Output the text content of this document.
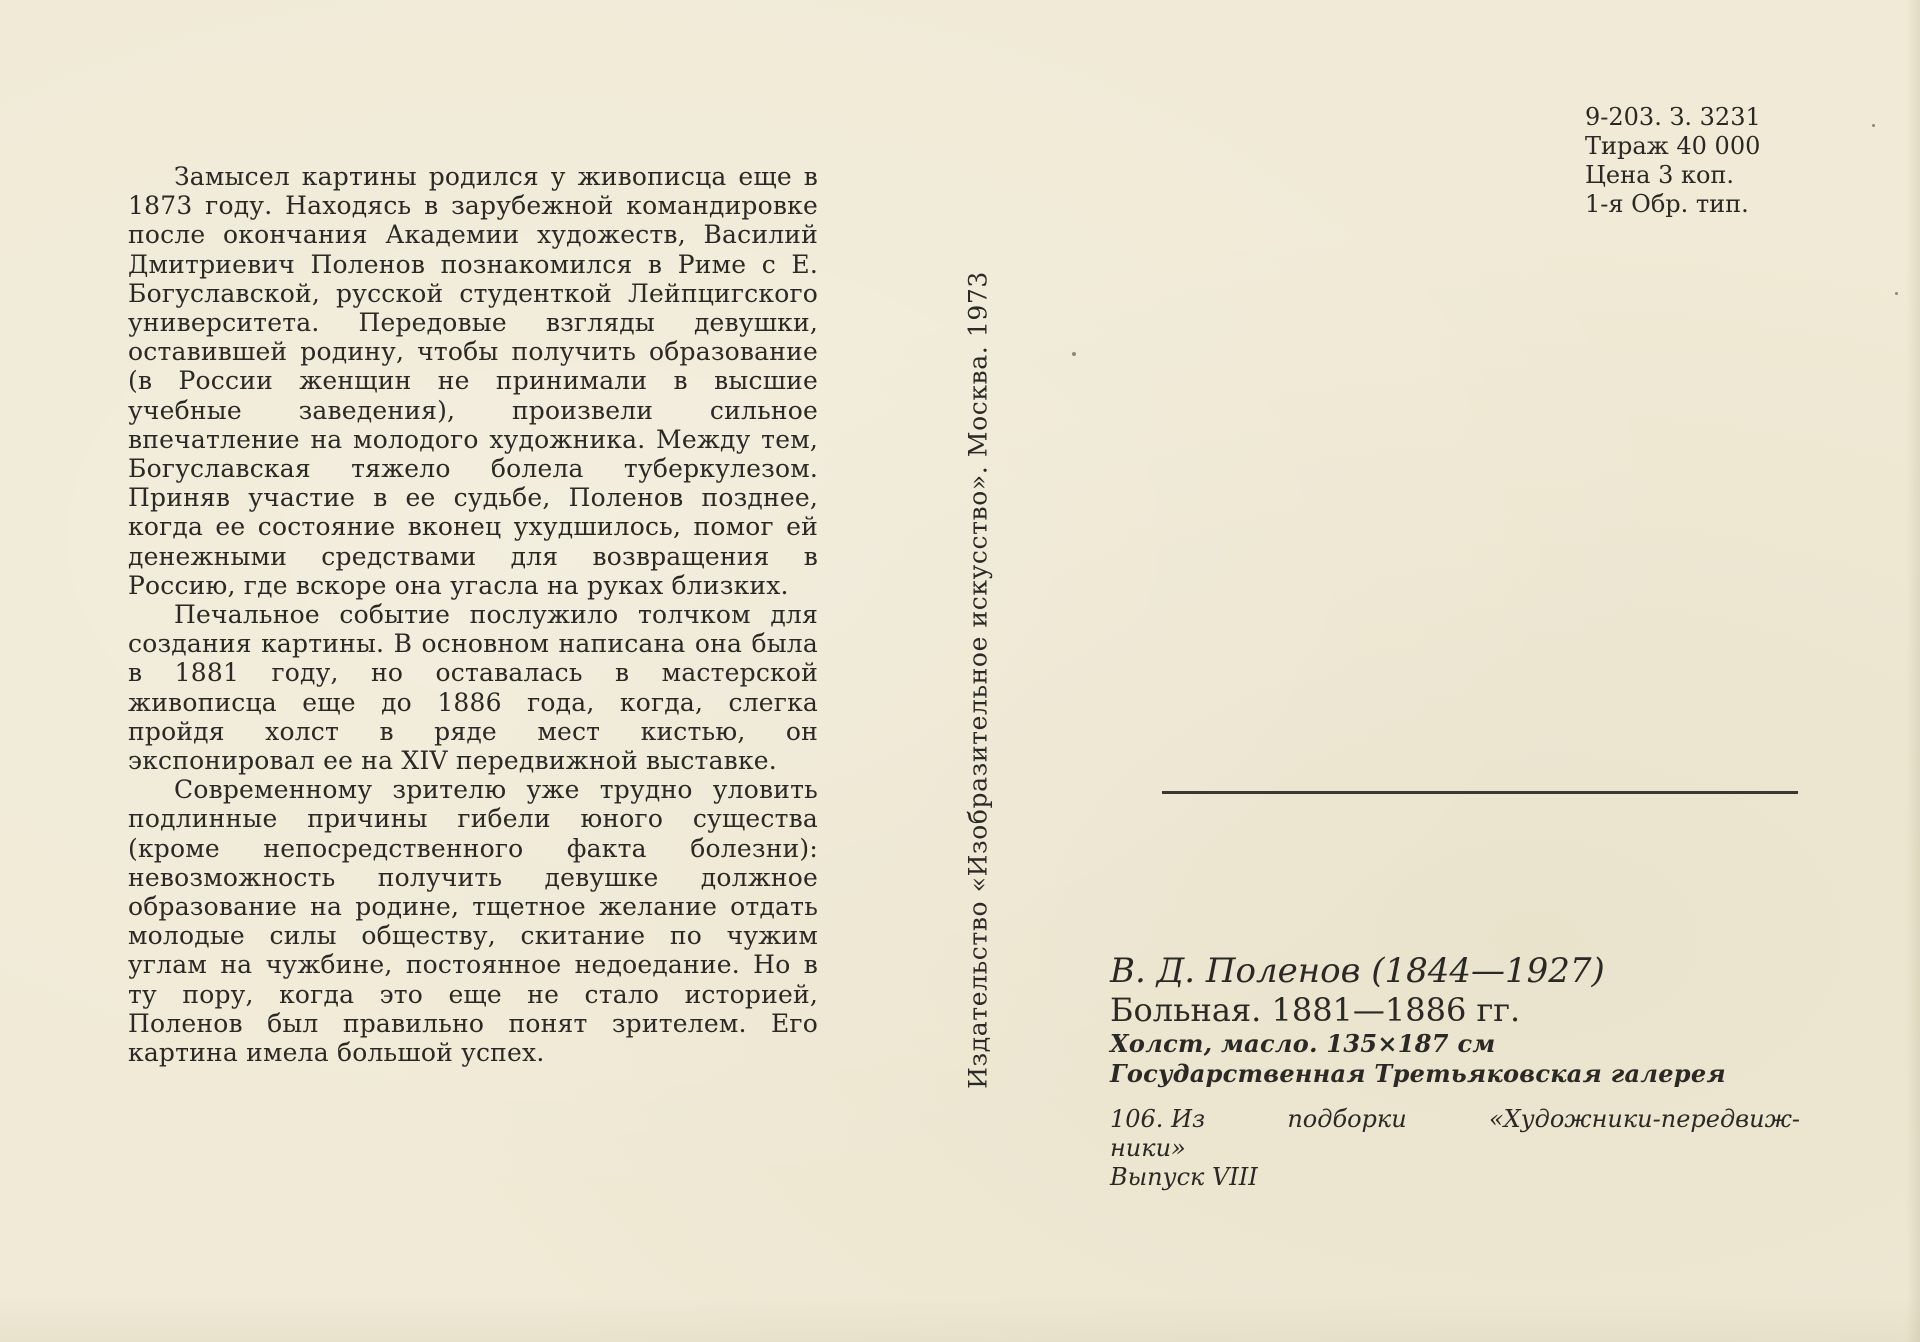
Замысел картины родился у живописца еще в 1873 году. Находясь в зарубежной командировке после окончания Академии художеств, Василий Дмитриевич Поленов познакомился в Риме с Е. Богуславской, русской студенткой Лейпцигского университета. Передовые взгляды девушки, оставившей родину, чтобы получить образование (в России женщин не принимали в высшие учебные заведения), произвели сильное впечатление на молодого художника. Между тем, Богуславская тяжело болела туберкулезом. Приняв участие в ее судьбе, Поленов позднее, когда ее состояние вконец ухудшилось, помог ей денежными средствами для возвращения в Россию, где вскоре она угасла на руках близких.

Печальное событие послужило толчком для создания картины. В основном написана она была в 1881 году, но оставалась в мастерской живописца еще до 1886 года, когда, слегка пройдя холст в ряде мест кистью, он экспонировал ее на XIV передвижной выставке.

Современному зрителю уже трудно уловить подлинные причины гибели юного существа (кроме непосредственного факта болезни): невозможность получить девушке должное образование на родине, тщетное желание отдать молодые силы обществу, скитание по чужим углам на чужбине, постоянное недоедание. Но в ту пору, когда это еще не стало историей, Поленов был правильно понят зрителем. Его картина имела большой успех.	Издательство «Изобразительное искусство». Москва. 1973
9-203. З. 3231
Тираж 40 000
Цена 3 коп.
1-я Обр. тип.
В. Д. Поленов (1844—1927)
Больная. 1881—1886 гг.
Холст, масло. 135×187 см
Государственная Третьяковская галерея
106. Из	подборки	«Художники-передвиж-
ники»
Выпуск VIII
